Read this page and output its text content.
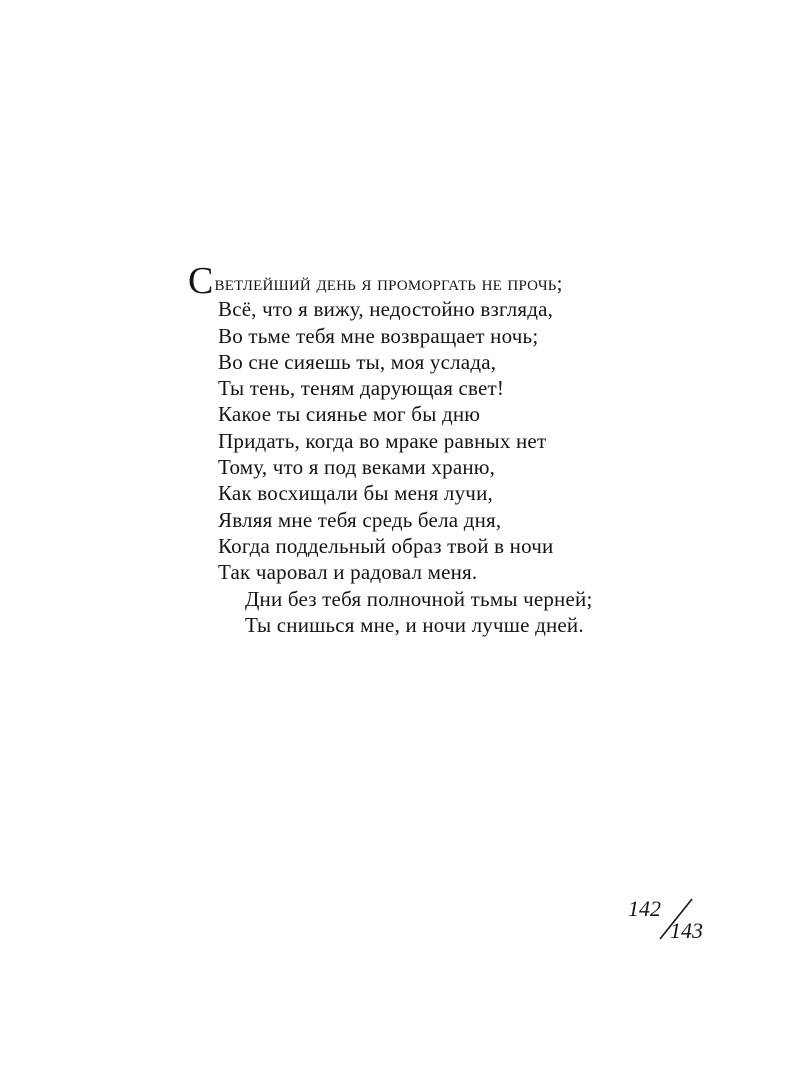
Светлейший день я проморгать не прочь;
Всё, что я вижу, недостойно взгляда,
Во тьме тебя мне возвращает ночь;
Во сне сияешь ты, моя услада,
Ты тень, теням дарующая свет!
Какое ты сиянье мог бы дню
Придать, когда во мраке равных нет
Тому, что я под веками храню,
Как восхищали бы меня лучи,
Являя мне тебя средь бела дня,
Когда поддельный образ твой в ночи
Так чаровал и радовал меня.
Дни без тебя полночной тьмы черней;
Ты снишься мне, и ночи лучше дней.
142
143
